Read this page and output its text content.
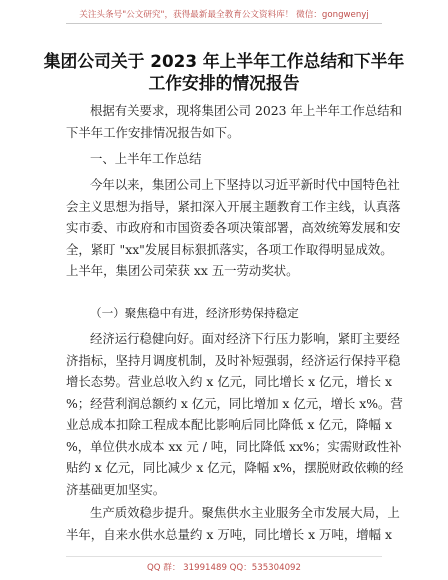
关注头条号"公文研究"，获得最新最全教育公文资料库！ 微信：gongwenyj
集团公司关于 2023 年上半年工作总结和下半年
工作安排的情况报告
根据有关要求，现将集团公司 2023 年上半年工作总结和
下半年工作安排情况报告如下。
一、上半年工作总结
今年以来，集团公司上下坚持以习近平新时代中国特色社
会主义思想为指导，紧扣深入开展主题教育工作主线，认真落
实市委、市政府和市国资委各项决策部署，高效统筹发展和安
全，紧盯 "xx"发展目标狠抓落实，各项工作取得明显成效。
上半年，集团公司荣获 xx 五一劳动奖状。
（一）聚焦稳中有进，经济形势保持稳定
经济运行稳健向好。面对经济下行压力影响，紧盯主要经
济指标，坚持月调度机制，及时补短强弱，经济运行保持平稳
增长态势。营业总收入约 x 亿元，同比增长 x 亿元，增长 x
%；经营利润总额约 x 亿元，同比增加 x 亿元，增长 x%。营
业总成本扣除工程成本配比影响后同比降低 x 亿元，降幅 x
%，单位供水成本 xx 元 / 吨，同比降低 xx%；实需财政性补
贴约 x 亿元，同比减少 x 亿元，降幅 x%，摆脱财政依赖的经
济基础更加坚实。
生产质效稳步提升。聚焦供水主业服务全市发展大局，上
半年，自来水供水总量约 x 万吨，同比增长 x 万吨，增幅 x
QQ 群： 31991489 QQ：535304092
